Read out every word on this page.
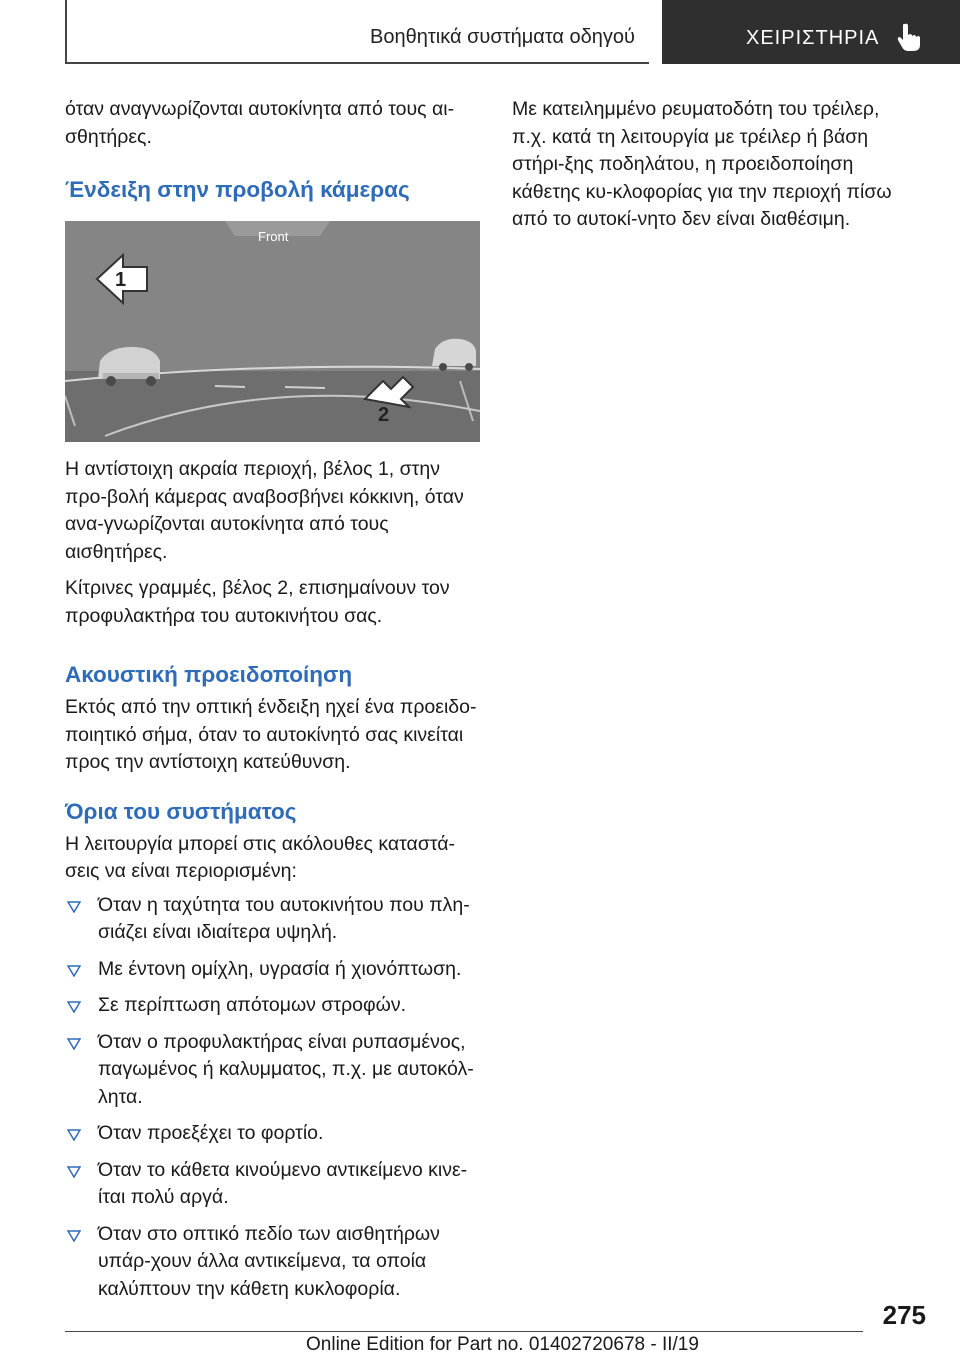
Βοηθητικά συστήματα οδηγού	ΧΕΙΡΙΣΤΗΡΙΑ

όταν αναγνωρίζονται αυτοκίνητα από τους αι-σθητήρες.

Ένδειξη στην προβολή κάμερας
Front
1
2

Η αντίστοιχη ακραία περιοχή, βέλος 1, στην προ-βολή κάμερας αναβοσβήνει κόκκινη, όταν ανα-γνωρίζονται αυτοκίνητα από τους αισθητήρες.

Κίτρινες γραμμές, βέλος 2, επισημαίνουν τον προφυλακτήρα του αυτοκινήτου σας.

Ακουστική προειδοποίηση

Εκτός από την οπτική ένδειξη ηχεί ένα προειδο-ποιητικό σήμα, όταν το αυτοκίνητό σας κινείται προς την αντίστοιχη κατεύθυνση.

Όρια του συστήματος

Η λειτουργία μπορεί στις ακόλουθες καταστά-σεις να είναι περιορισμένη:

Όταν η ταχύτητα του αυτοκινήτου που πλη-σιάζει είναι ιδιαίτερα υψηλή.
Με έντονη ομίχλη, υγρασία ή χιονόπτωση.
Σε περίπτωση απότομων στροφών.
Όταν ο προφυλακτήρας είναι ρυπασμένος, παγωμένος ή καλυμματος, π.χ. με αυτοκόλ-λητα.
Όταν προεξέχει το φορτίο.
Όταν το κάθετα κινούμενο αντικείμενο κινε-ίται πολύ αργά.
Όταν στο οπτικό πεδίο των αισθητήρων υπάρ-χουν άλλα αντικείμενα, τα οποία καλύπτουν την κάθετη κυκλοφορία.

Με κατειλημμένο ρευματοδότη του τρέιλερ, π.χ. κατά τη λειτουργία με τρέιλερ ή βάση στήρι-ξης ποδηλάτου, η προειδοποίηση κάθετης κυ-κλοφορίας για την περιοχή πίσω από το αυτοκί-νητο δεν είναι διαθέσιμη.

275
Online Edition for Part no. 01402720678 - II/19
